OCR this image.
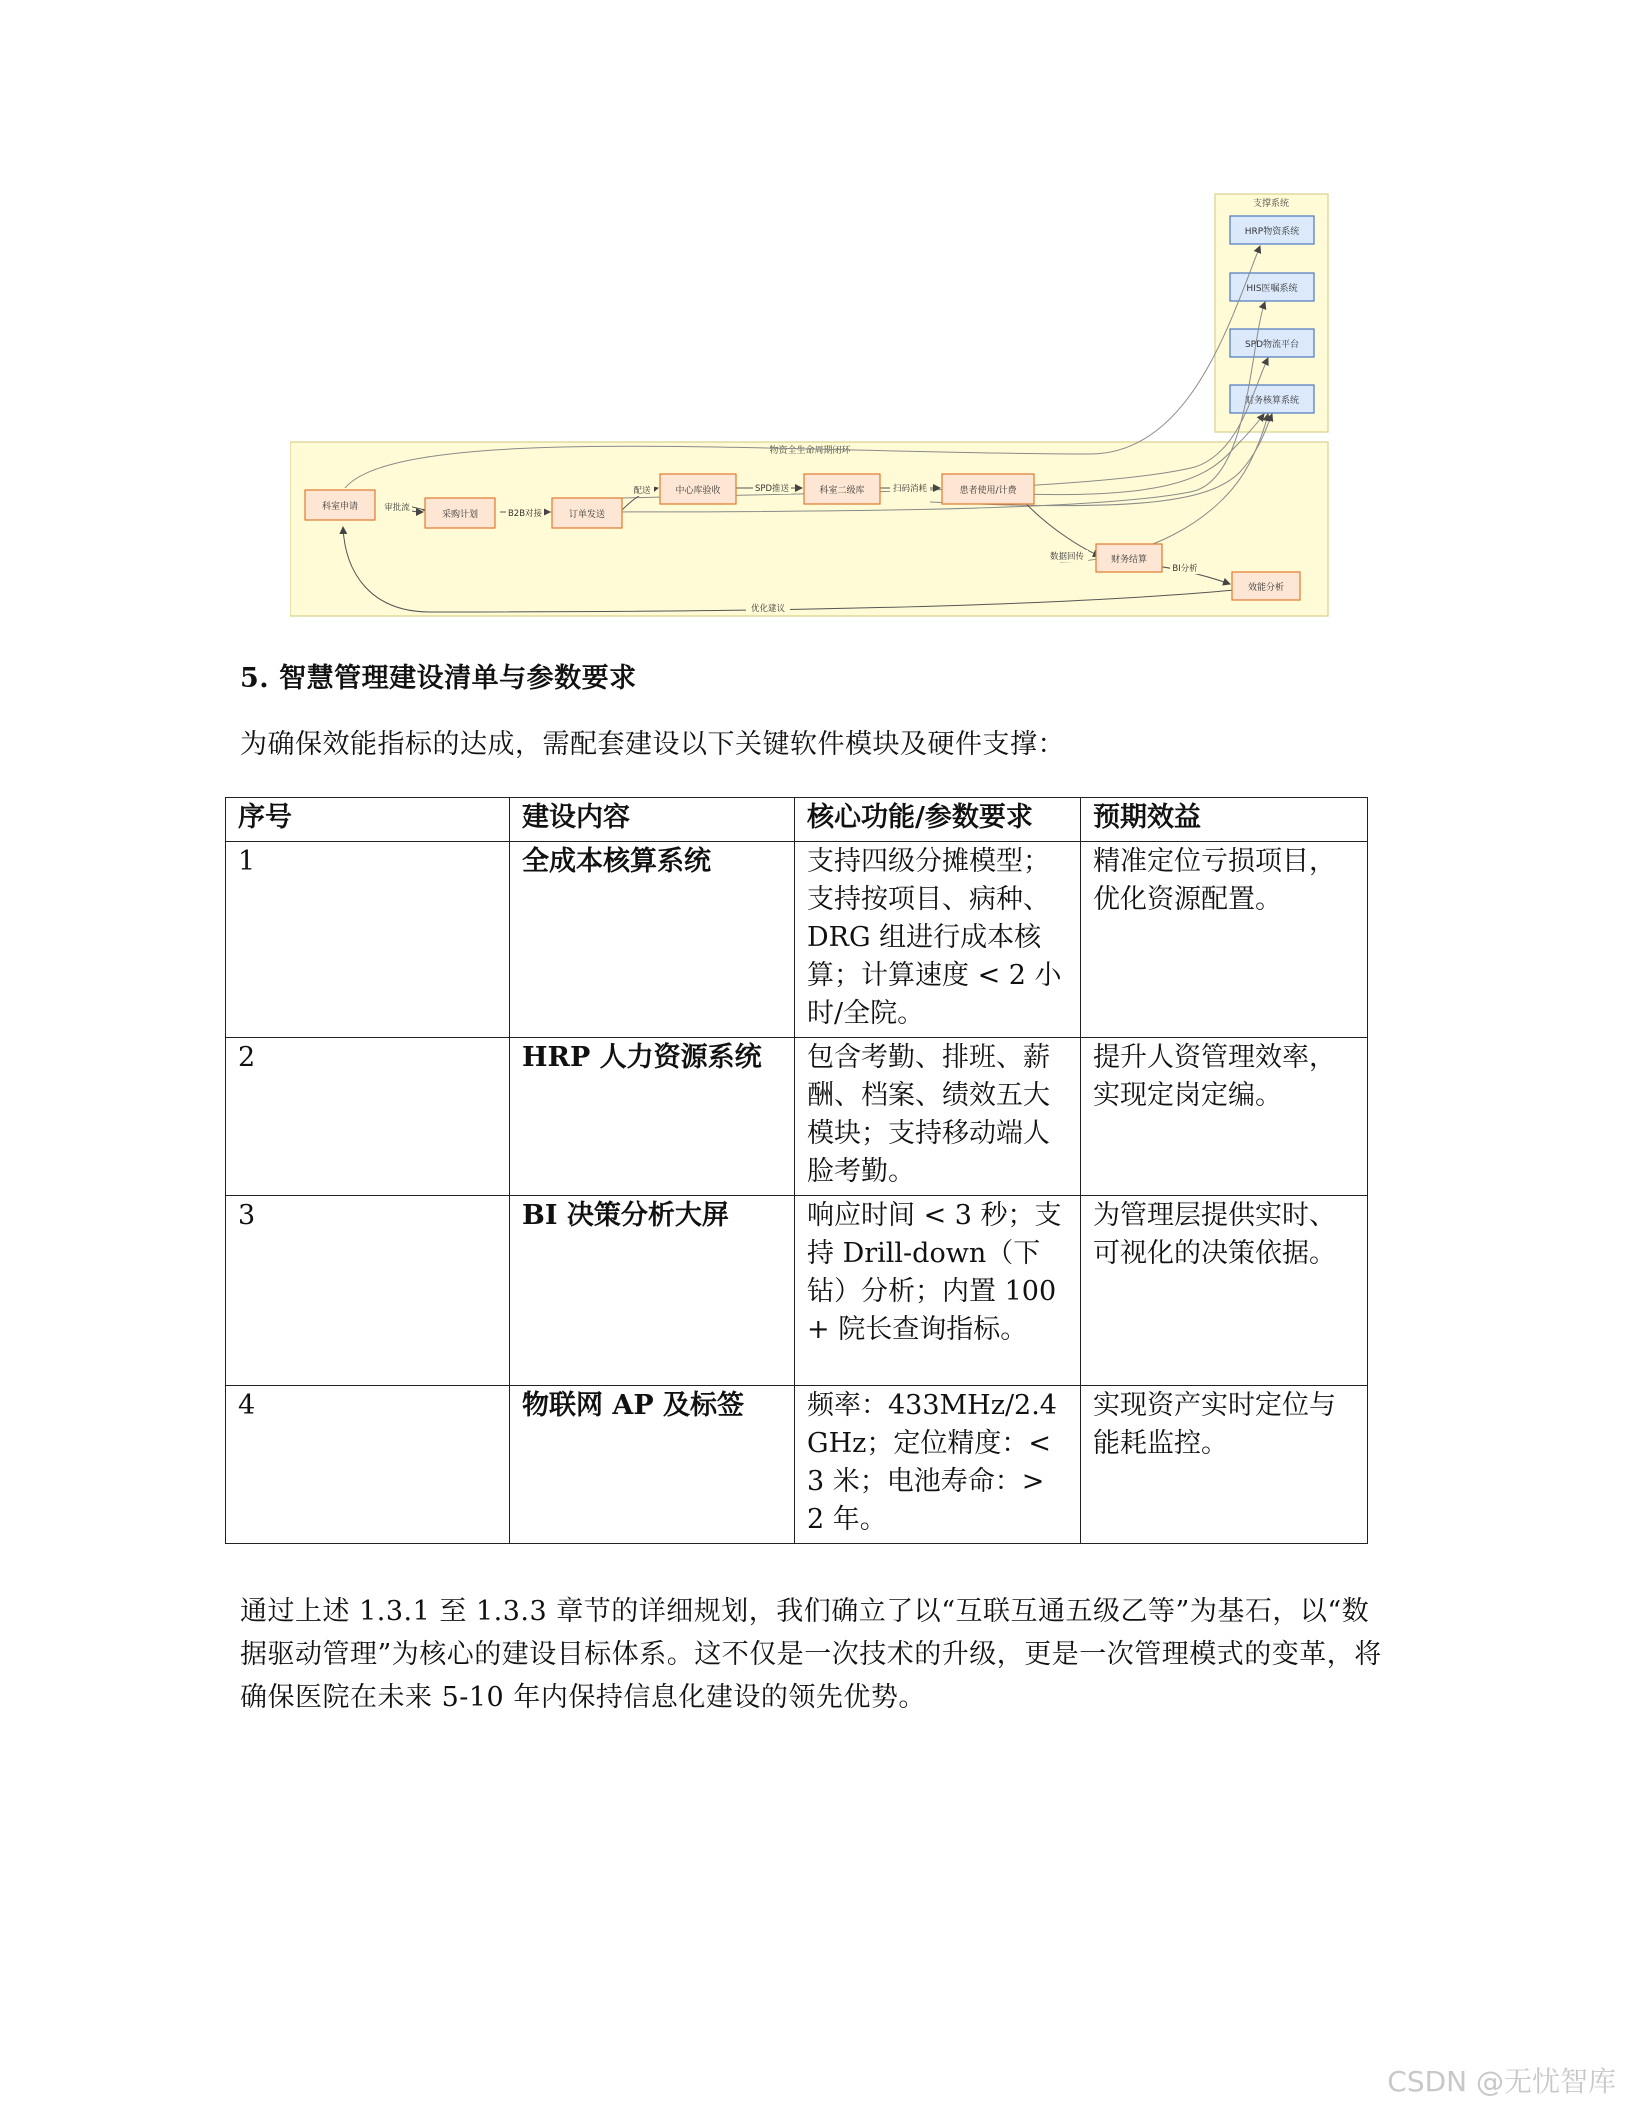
支撑系统
HRP物资系统
HIS医嘱系统
SPD物流平台
财务核算系统
物资全生命周期闭环
审批流
B2B对接
配送	SPD推送	扫码消耗
数据回传
BI分析
优化建议
科室申请
采购计划	订单发送
中心库验收	科室二级库	患者使用/计费
财务结算
效能分析
5. 智慧管理建设清单与参数要求

为确保效能指标的达成，需配套建设以下关键软件模块及硬件支撑：

序号	建设内容	核心功能/参数要求	预期效益
1	全成本核算系统	支持四级分摊模型；支持按项目、病种、DRG 组进行成本核算；计算速度 < 2 小时/全院。	精准定位亏损项目，优化资源配置。
2	HRP 人力资源系统	包含考勤、排班、薪酬、档案、绩效五大模块；支持移动端人脸考勤。	提升人资管理效率，实现定岗定编。
3	BI 决策分析大屏	响应时间 < 3 秒；支持 Drill-down（下钻）分析；内置 100+ 院长查询指标。	为管理层提供实时、可视化的决策依据。
4	物联网 AP 及标签	频率：433MHz/2.4GHz；定位精度：< 3 米；电池寿命：> 2 年。	实现资产实时定位与能耗监控。

通过上述 1.3.1 至 1.3.3 章节的详细规划，我们确立了以“互联互通五级乙等”为基石，以“数据驱动管理”为核心的建设目标体系。这不仅是一次技术的升级，更是一次管理模式的变革，将确保医院在未来 5-10 年内保持信息化建设的领先优势。

CSDN @无忧智库
